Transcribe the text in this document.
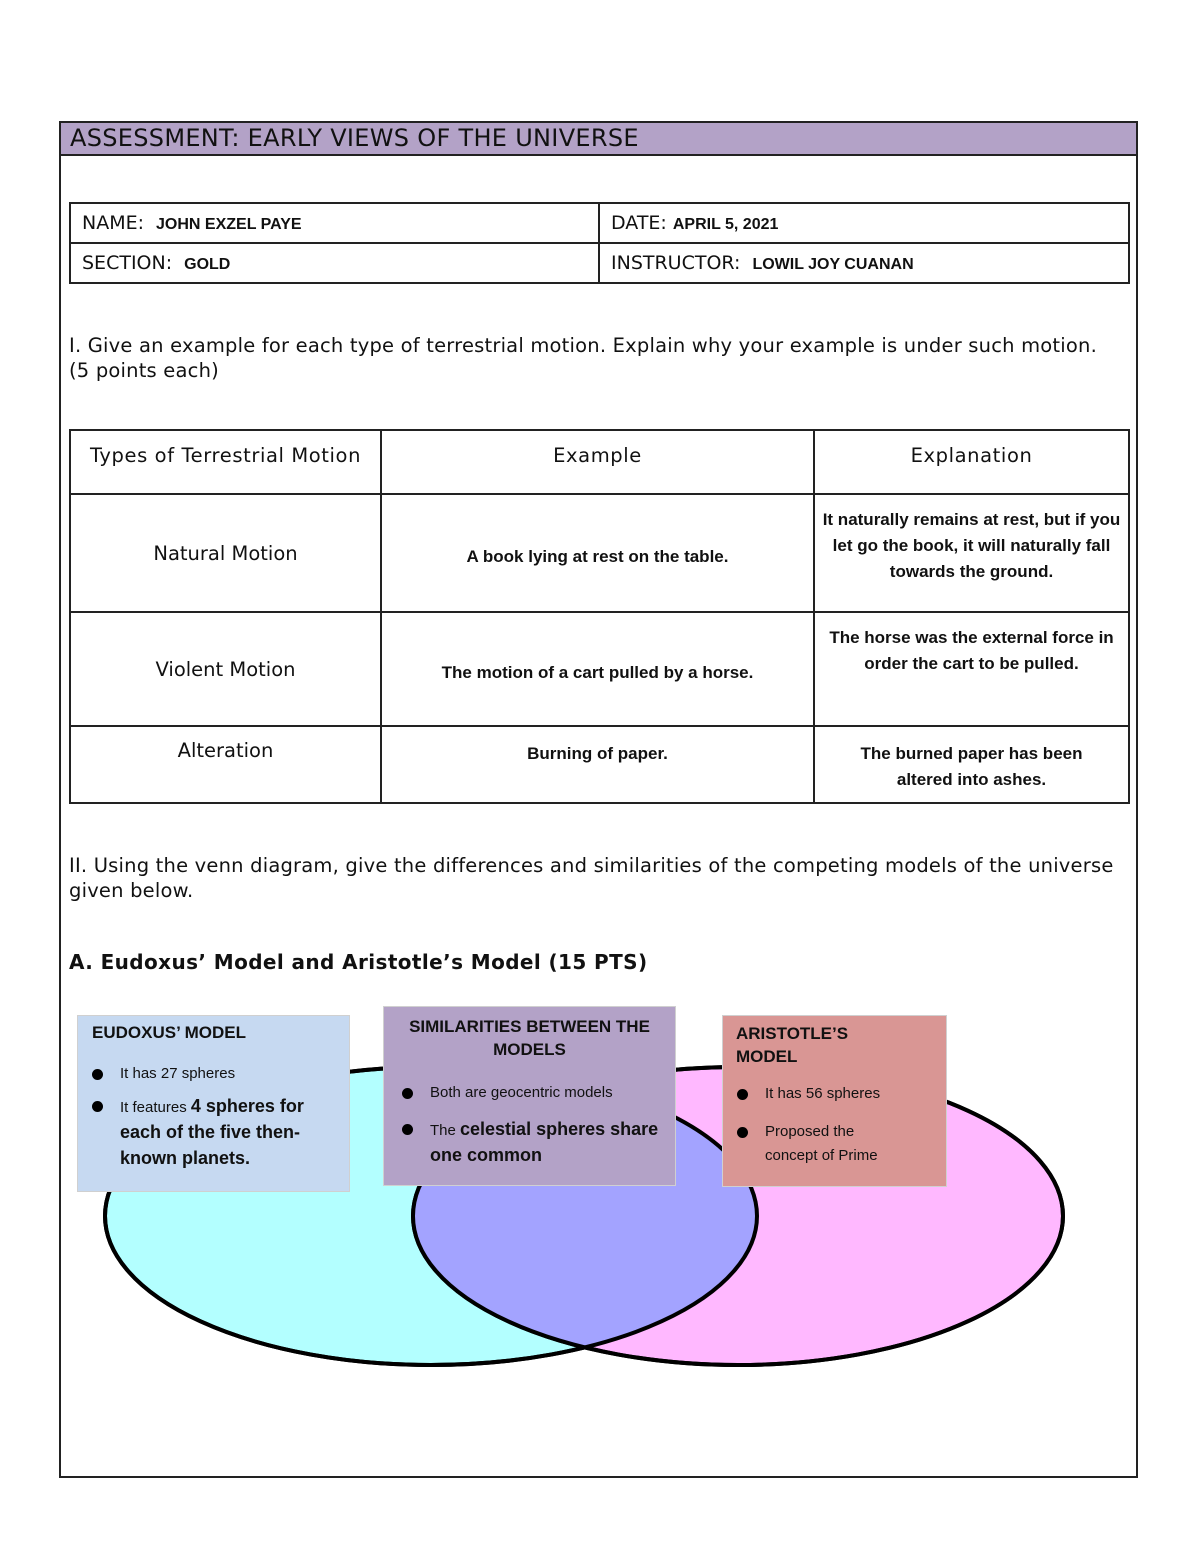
ASSESSMENT: EARLY VIEWS OF THE UNIVERSE
NAME: JOHN EXZEL PAYE	DATE: APRIL 5, 2021
SECTION: GOLD	INSTRUCTOR: LOWIL JOY CUANAN
I. Give an example for each type of terrestrial motion. Explain why your example is under such motion. (5 points each)
Types of Terrestrial Motion	Example	Explanation
Natural Motion	A book lying at rest on the table.	It naturally remains at rest, but if you let go the book, it will naturally fall towards the ground.
Violent Motion	The motion of a cart pulled by a horse.	The horse was the external force in order the cart to be pulled.
Alteration	Burning of paper.	The burned paper has been altered into ashes.
II. Using the venn diagram, give the differences and similarities of the competing models of the universe given below.
A. Eudoxus’ Model and Aristotle’s Model (15 PTS)
EUDOXUS’ MODEL
It has 27 spheres
It features 4 spheres for each of the five then-known planets.
SIMILARITIES BETWEEN THE MODELS
Both are geocentric models
The celestial spheres share one common
ARISTOTLE’S MODEL
It has 56 spheres
Proposed the concept of Prime
